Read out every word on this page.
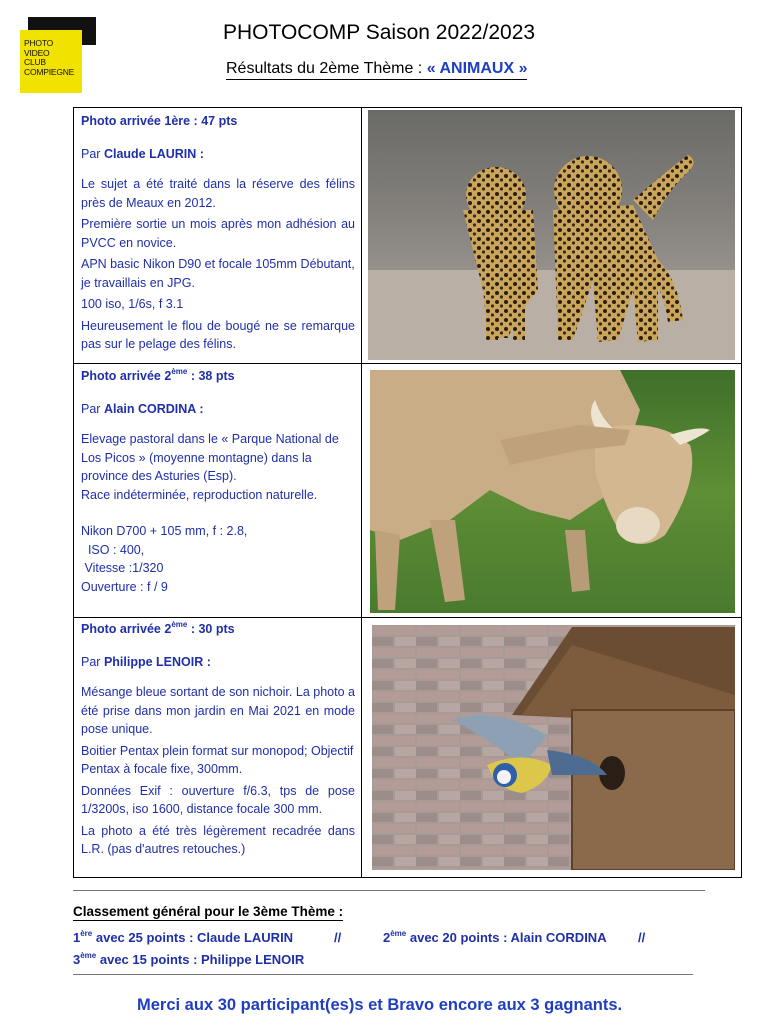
PHOTO
VIDEO
CLUB
COMPIEGNE
PHOTOCOMP Saison 2022/2023
Résultats du 2ème Thème : « ANIMAUX »

Photo arrivée 1ère : 47 pts

Par Claude LAURIN :

Le sujet a été traité dans la réserve des félins près de Meaux en 2012.

Première sortie un mois après mon adhésion au PVCC en novice.

APN basic Nikon D90 et focale 105mm Débutant, je travaillais en JPG.

100 iso, 1/6s, f 3.1

Heureusement le flou de bougé ne se remarque pas sur le pelage des félins.

Photo arrivée 2ème : 38 pts

Par Alain CORDINA :

Elevage pastoral dans le « Parque National de Los Picos » (moyenne montagne) dans la province des Asturies (Esp).

Race indéterminée, reproduction naturelle.

Nikon D700 + 105 mm, f : 2.8,

ISO : 400,

Vitesse :1/320

Ouverture : f / 9

Photo arrivée 2ème : 30 pts

Par Philippe LENOIR :

Mésange bleue sortant de son nichoir. La photo a été prise dans mon jardin en Mai 2021 en mode pose unique.

Boitier Pentax plein format sur monopod; Objectif Pentax à focale fixe, 300mm.

Données Exif : ouverture f/6.3, tps de pose 1/3200s, iso 1600, distance focale 300 mm.

La photo a été très légèrement recadrée dans L.R. (pas d'autres retouches.)

Classement général pour le 3ème Thème :
1ère avec 25 points : Claude LAURIN	//	2ème avec 20 points : Alain CORDINA //
3ème avec 15 points : Philippe LENOIR
Merci aux 30 participant(es)s et Bravo encore aux 3 gagnants.
